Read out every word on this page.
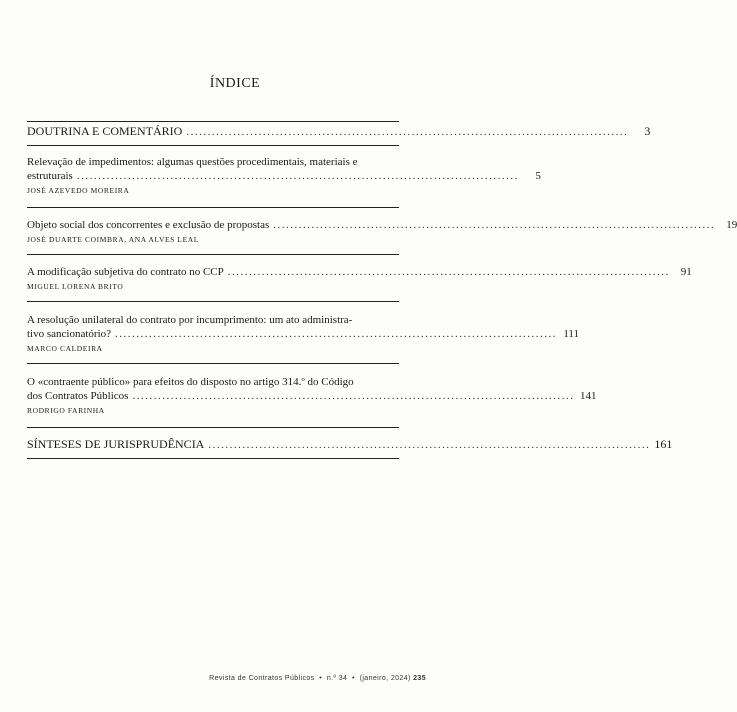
ÍNDICE
DOUTRINA E COMENTÁRIO ........................................................................................................	3
Relevação de impedimentos: algumas questões procedimentais, materiais e
estruturais ........................................................................................................	5
JOSÉ AZEVEDO MOREIRA
Objeto social dos concorrentes e exclusão de propostas ........................................................................................................	19
JOSÉ DUARTE COIMBRA, ANA ALVES LEAL
A modificação subjetiva do contrato no CCP ........................................................................................................	91
MIGUEL LORENA BRITO
A resolução unilateral do contrato por incumprimento: um ato administra-
tivo sancionatório? ........................................................................................................ 111
MARCO CALDEIRA
O «contraente público» para efeitos do disposto no artigo 314.º do Código
dos Contratos Públicos ........................................................................................................ 141
RODRIGO FARINHA
SÍNTESES DE JURISPRUDÊNCIA ........................................................................................................ 161
Revista de Contratos Públicos • n.º 34 • (janeiro, 2024) 235
